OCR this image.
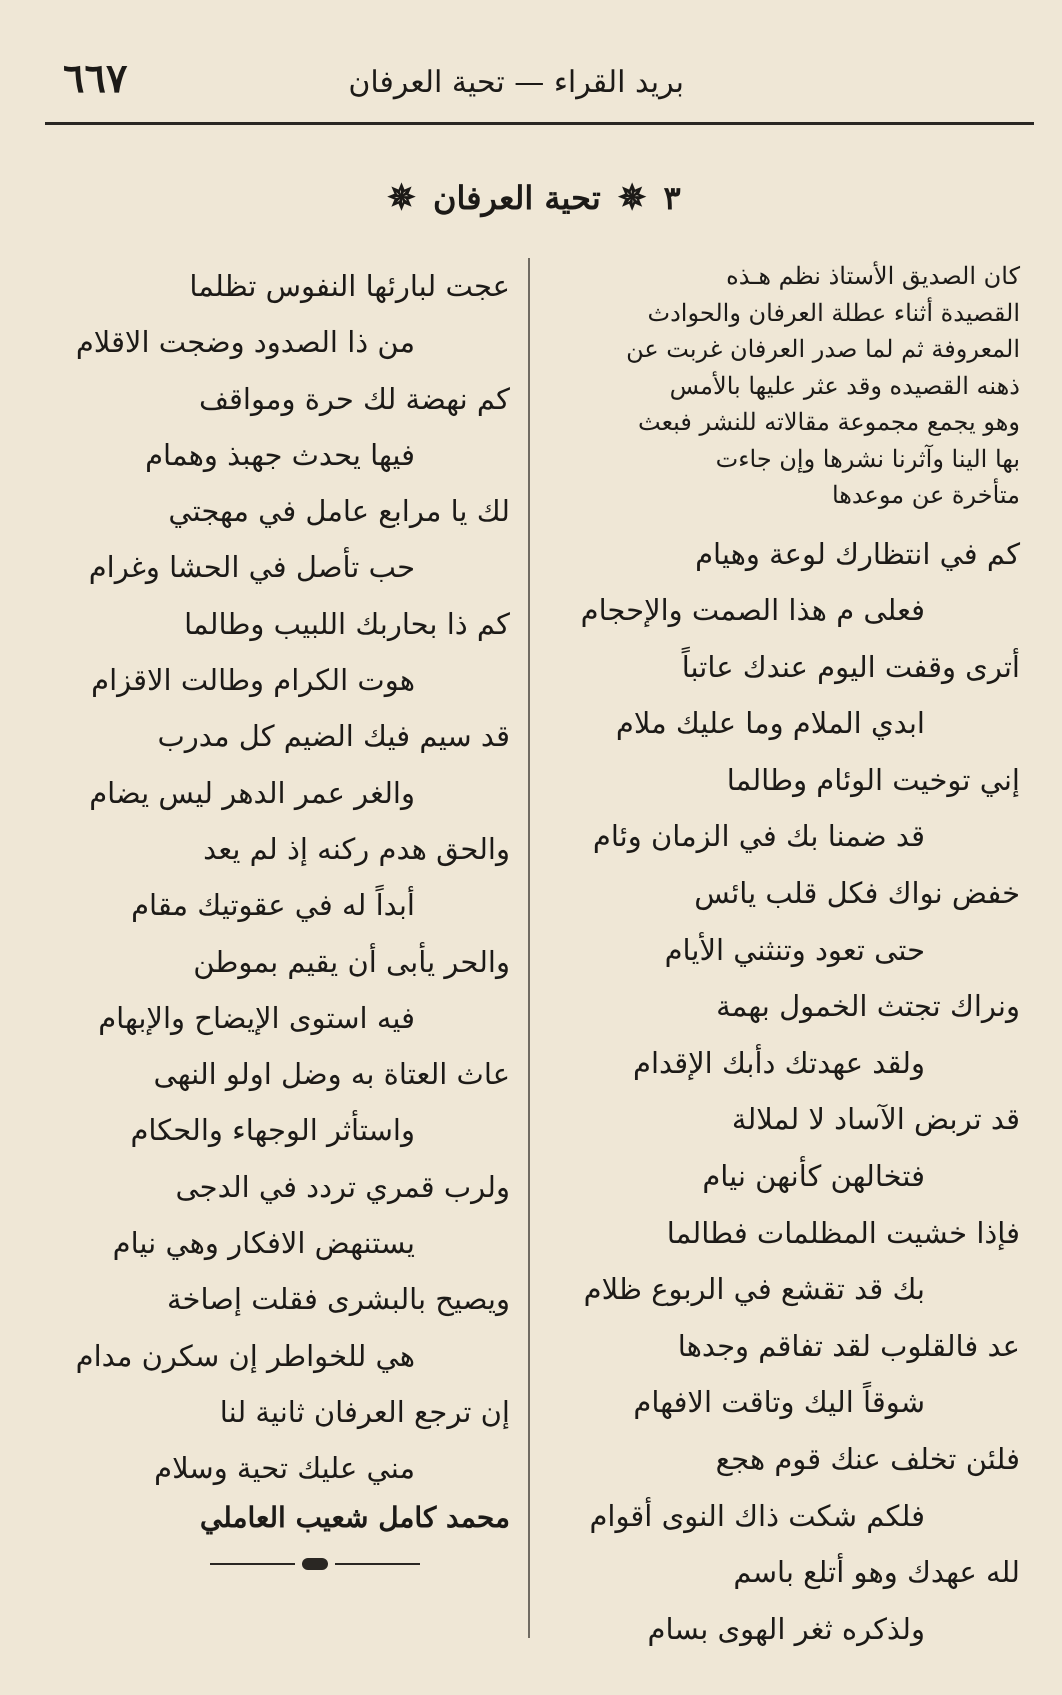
٦٦٧	بريد القراء — تحية العرفان
٣ ✵ تحية العرفان ✵

كان الصديق الأستاذ نظم هـذه

القصيدة أثناء عطلة العرفان والحوادث

المعروفة ثم لما صدر العرفان غربت عن

ذهنه القصيده وقد عثر عليها بالأمس

وهو يجمع مجموعة مقالاته للنشر فبعث

بها الينا وآثرنا نشرها وإن جاءت

متأخرة عن موعدها

كم في انتظارك لوعة وهيام

فعلى م هذا الصمت والإحجام

أترى وقفت اليوم عندك عاتباً

ابدي الملام وما عليك ملام

إني توخيت الوئام وطالما

قد ضمنا بك في الزمان وئام

خفض نواك فكل قلب يائس

حتى تعود وتنثني الأيام

ونراك تجتث الخمول بهمة

ولقد عهدتك دأبك الإقدام

قد تربض الآساد لا لملالة

فتخالهن كأنهن نيام

فإذا خشيت المظلمات فطالما

بك قد تقشع في الربوع ظلام

عد فالقلوب لقد تفاقم وجدها

شوقاً اليك وتاقت الافهام

فلئن تخلف عنك قوم هجع

فلكم شكت ذاك النوى أقوام

لله عهدك وهو أتلع باسم

ولذكره ثغر الهوى بسام

عجت لبارئها النفوس تظلما

من ذا الصدود وضجت الاقلام

كم نهضة لك حرة ومواقف

فيها يحدث جهبذ وهمام

لك يا مرابع عامل في مهجتي

حب تأصل في الحشا وغرام

كم ذا بحاربك اللبيب وطالما

هوت الكرام وطالت الاقزام

قد سيم فيك الضيم كل مدرب

والغر عمر الدهر ليس يضام

والحق هدم ركنه إذ لم يعد

أبداً له في عقوتيك مقام

والحر يأبى أن يقيم بموطن

فيه استوى الإيضاح والإبهام

عاث العتاة به وضل اولو النهى

واستأثر الوجهاء والحكام

ولرب قمري تردد في الدجى

يستنهض الافكار وهي نيام

ويصيح بالبشرى فقلت إصاخة

هي للخواطر إن سكرن مدام

إن ترجع العرفان ثانية لنا

مني عليك تحية وسلام

محمد كامل شعيب العاملي
